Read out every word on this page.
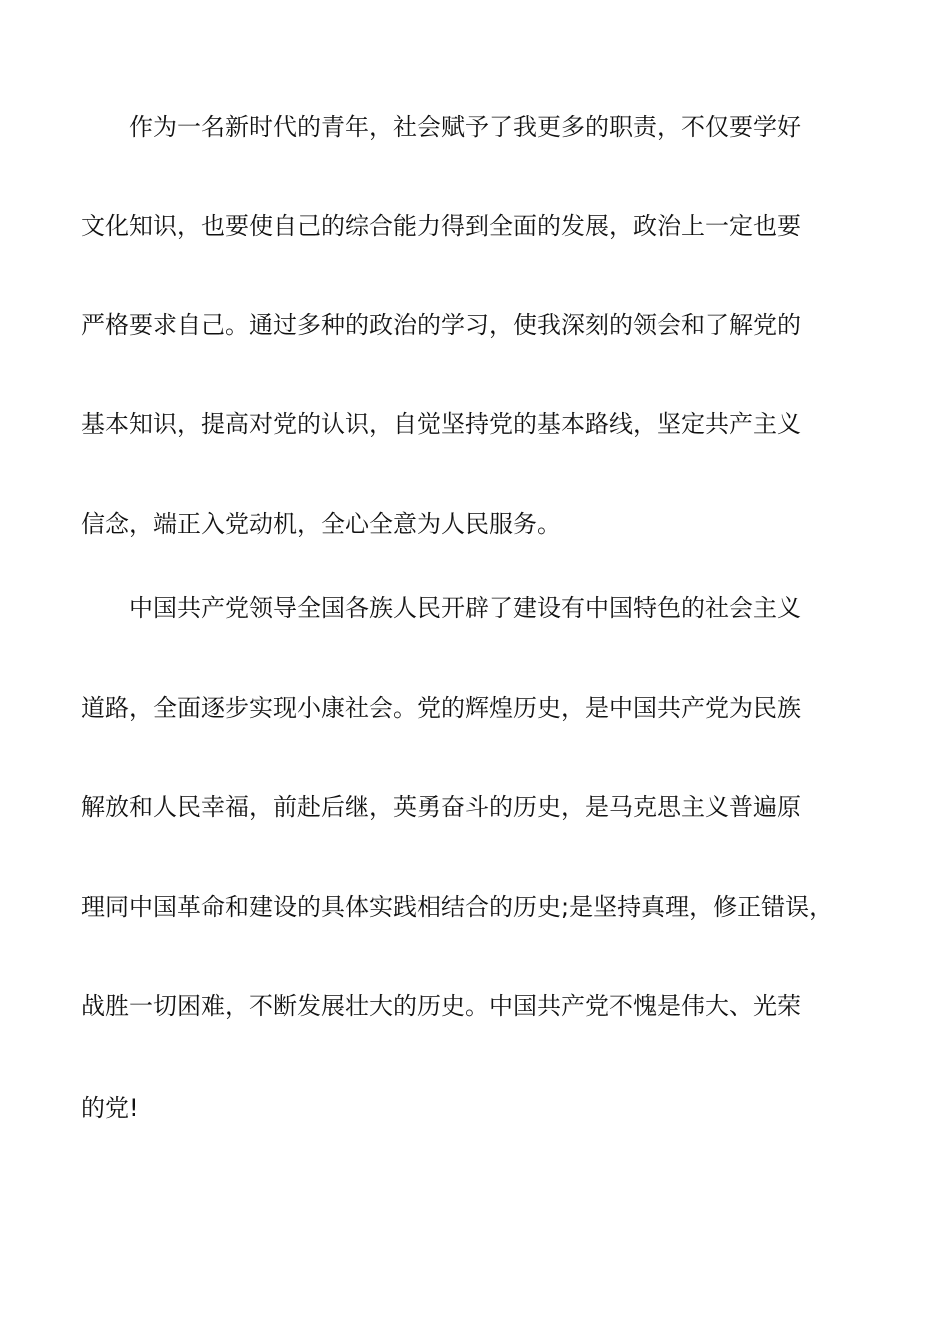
作为一名新时代的青年，社会赋予了我更多的职责，不仅要学好
文化知识，也要使自己的综合能力得到全面的发展，政治上一定也要
严格要求自己。通过多种的政治的学习，使我深刻的领会和了解党的
基本知识，提高对党的认识，自觉坚持党的基本路线，坚定共产主义
信念，端正入党动机，全心全意为人民服务。
中国共产党领导全国各族人民开辟了建设有中国特色的社会主义
道路，全面逐步实现小康社会。党的辉煌历史，是中国共产党为民族
解放和人民幸福，前赴后继，英勇奋斗的历史，是马克思主义普遍原
理同中国革命和建设的具体实践相结合的历史;是坚持真理，修正错误，
战胜一切困难，不断发展壮大的历史。中国共产党不愧是伟大、光荣
的党!
